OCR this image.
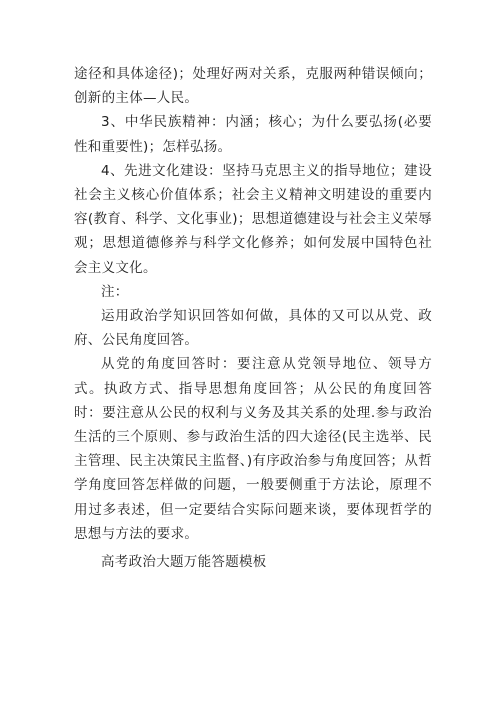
途径和具体途径)；处理好两对关系，克服两种错误倾向；创新的主体—人民。

3、中华民族精神：内涵；核心；为什么要弘扬(必要性和重要性)；怎样弘扬。

4、先进文化建设：坚持马克思主义的指导地位；建设社会主义核心价值体系；社会主义精神文明建设的重要内容(教育、科学、文化事业)；思想道德建设与社会主义荣辱观；思想道德修养与科学文化修养；如何发展中国特色社会主义文化。

注：

运用政治学知识回答如何做，具体的又可以从党、政府、公民角度回答。

从党的角度回答时：要注意从党领导地位、领导方式。执政方式、指导思想角度回答；从公民的角度回答时：要注意从公民的权利与义务及其关系的处理.参与政治生活的三个原则、参与政治生活的四大途径(民主选举、民主管理、民主决策民主监督、)有序政治参与角度回答；从哲学角度回答怎样做的问题，一般要侧重于方法论，原理不用过多表述，但一定要结合实际问题来谈，要体现哲学的思想与方法的要求。

高考政治大题万能答题模板
